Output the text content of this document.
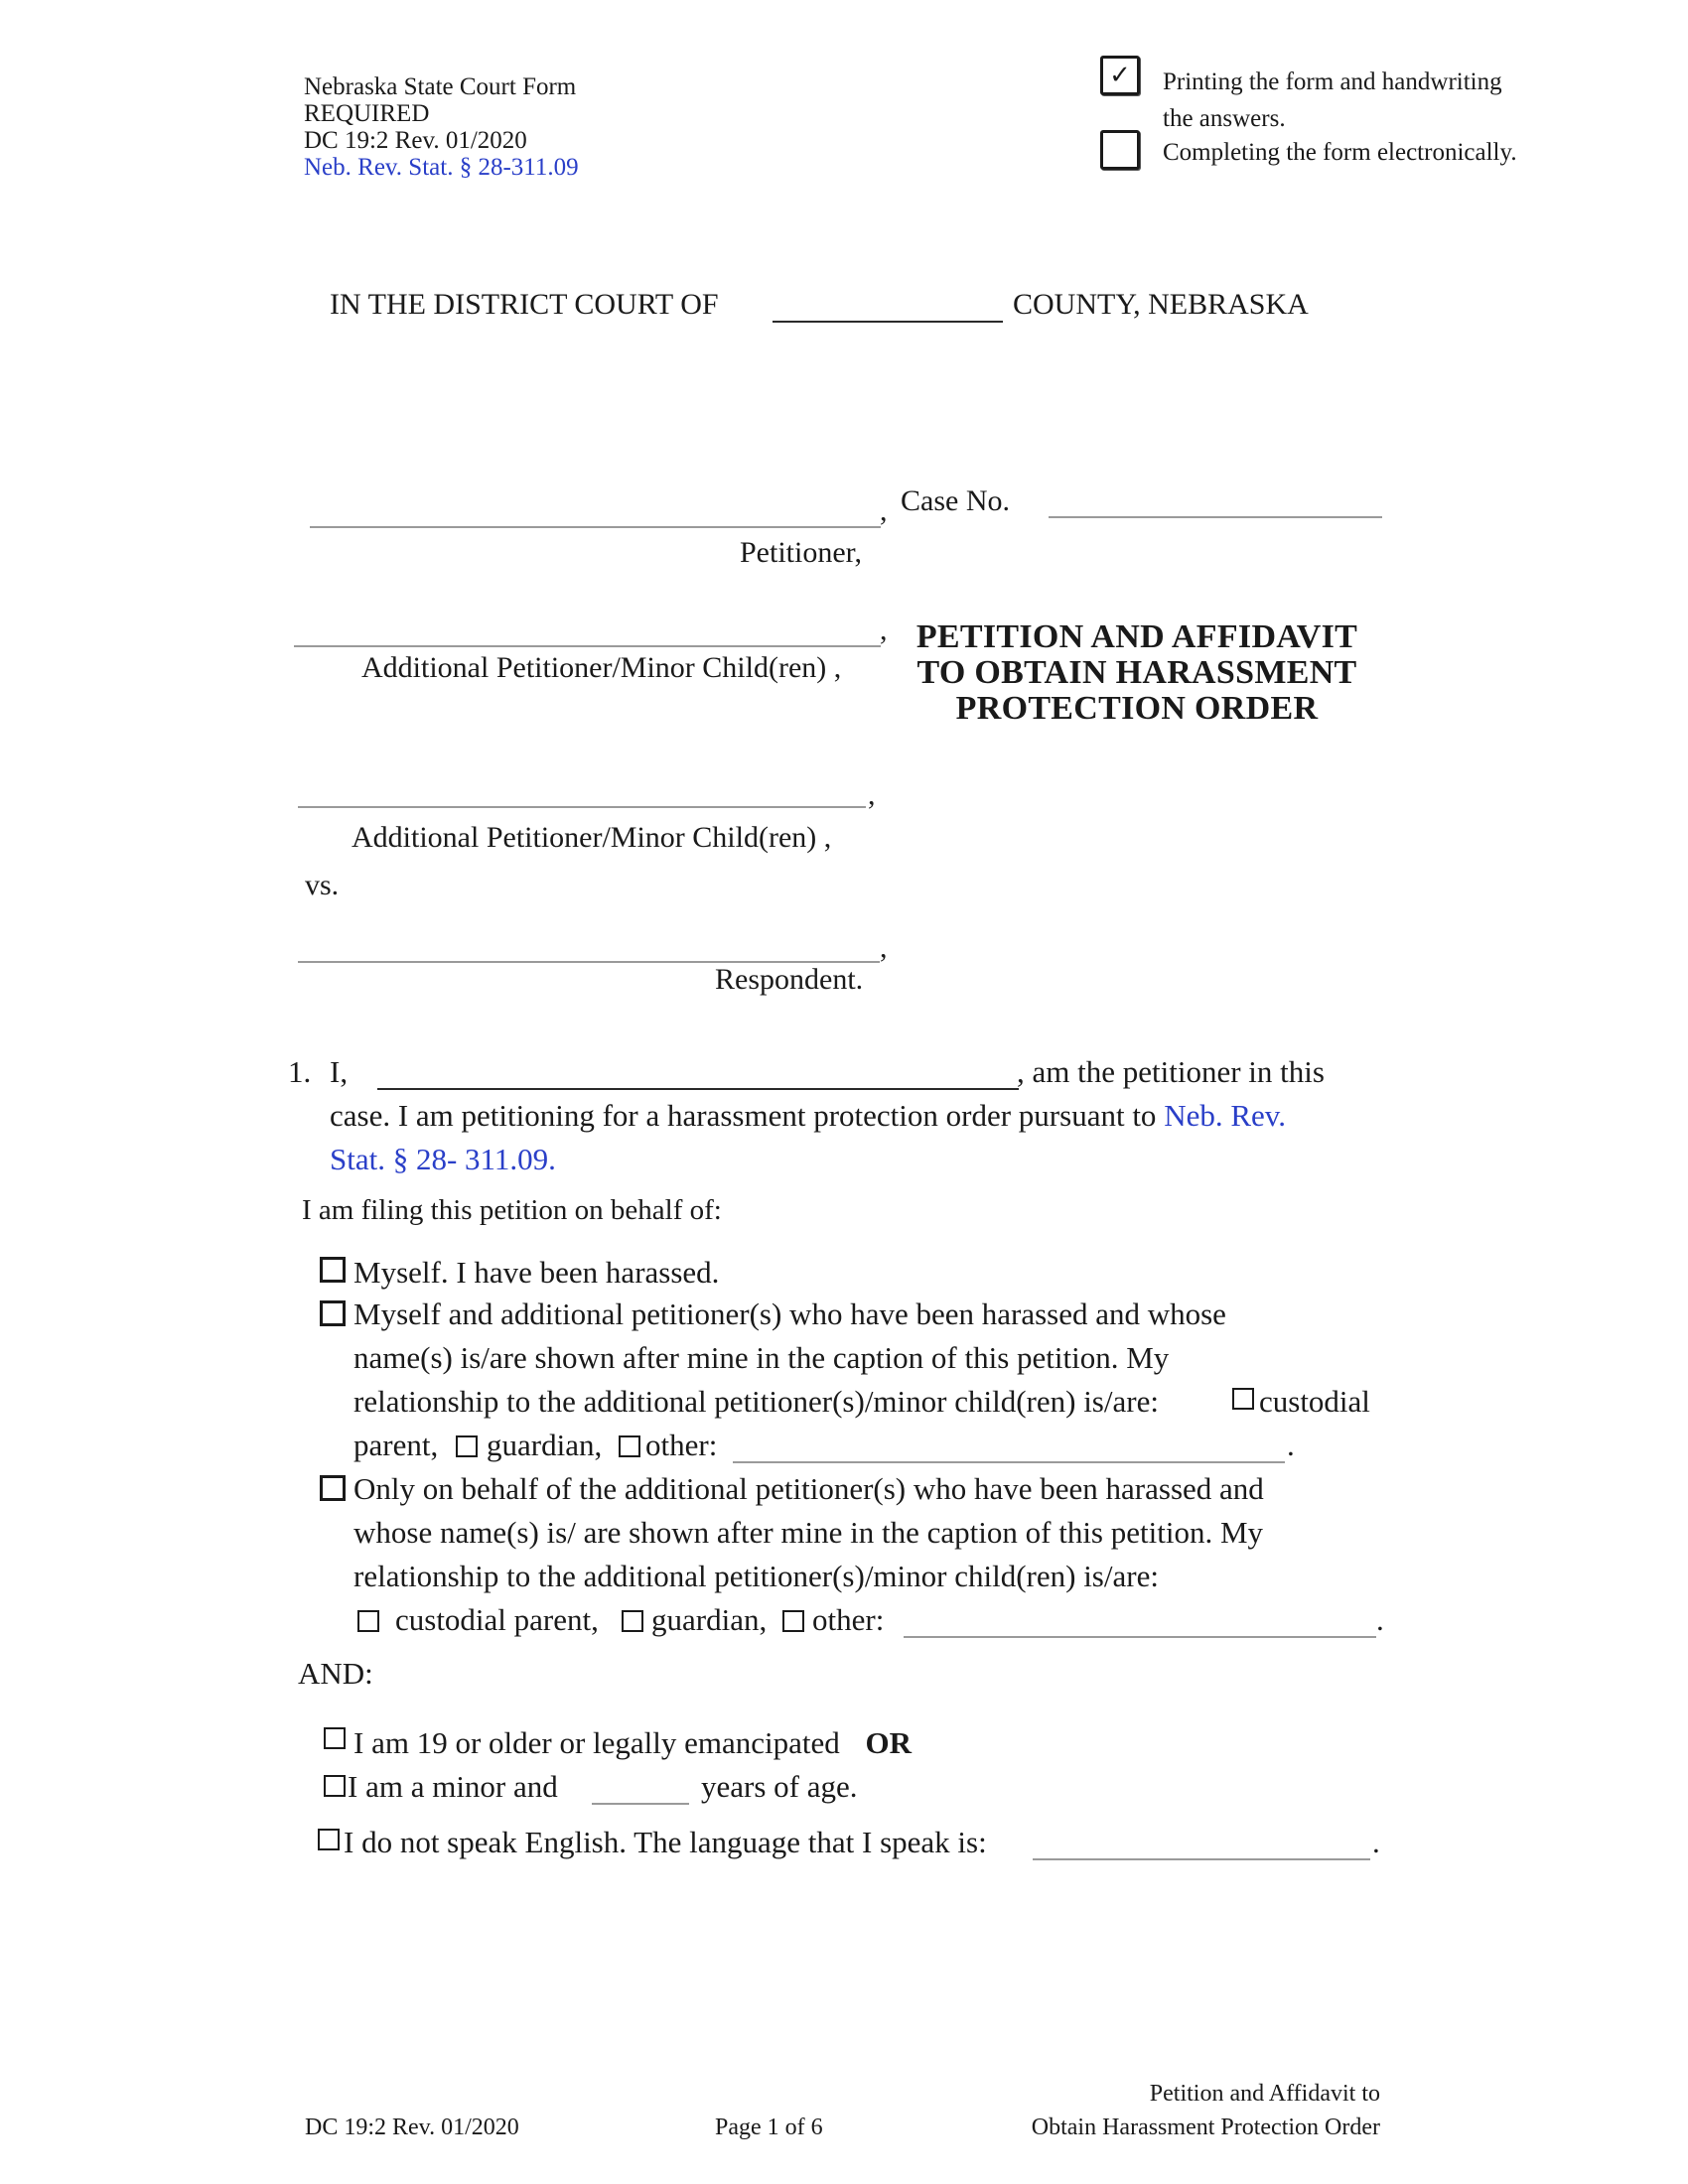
Nebraska State Court Form
REQUIRED
DC 19:2 Rev. 01/2020
Neb. Rev. Stat. § 28-311.09
✓ Printing the form and handwriting
the answers.
Completing the form electronically.
IN THE DISTRICT COURT OF	COUNTY, NEBRASKA
, Case No.
Petitioner,
,
Additional Petitioner/Minor Child(ren) ,
PETITION AND AFFIDAVIT
TO OBTAIN HARASSMENT
PROTECTION ORDER
,
Additional Petitioner/Minor Child(ren) ,
vs.
,
Respondent.
1. I,	, am the petitioner in this
case. I am petitioning for a harassment protection order pursuant to Neb. Rev.
Stat. § 28- 311.09.
I am filing this petition on behalf of:
Myself. I have been harassed.
Myself and additional petitioner(s) who have been harassed and whose
name(s) is/are shown after mine in the caption of this petition. My
relationship to the additional petitioner(s)/minor child(ren) is/are:	custodial
parent, guardian, other:	.
Only on behalf of the additional petitioner(s) who have been harassed and
whose name(s) is/ are shown after mine in the caption of this petition. My
relationship to the additional petitioner(s)/minor child(ren) is/are:
custodial parent, guardian, other:	.
AND:
I am 19 or older or legally emancipated OR
I am a minor and	years of age.
I do not speak English. The language that I speak is:	.
DC 19:2 Rev. 01/2020	Page 1 of 6
Petition and Affidavit to
Obtain Harassment Protection Order
